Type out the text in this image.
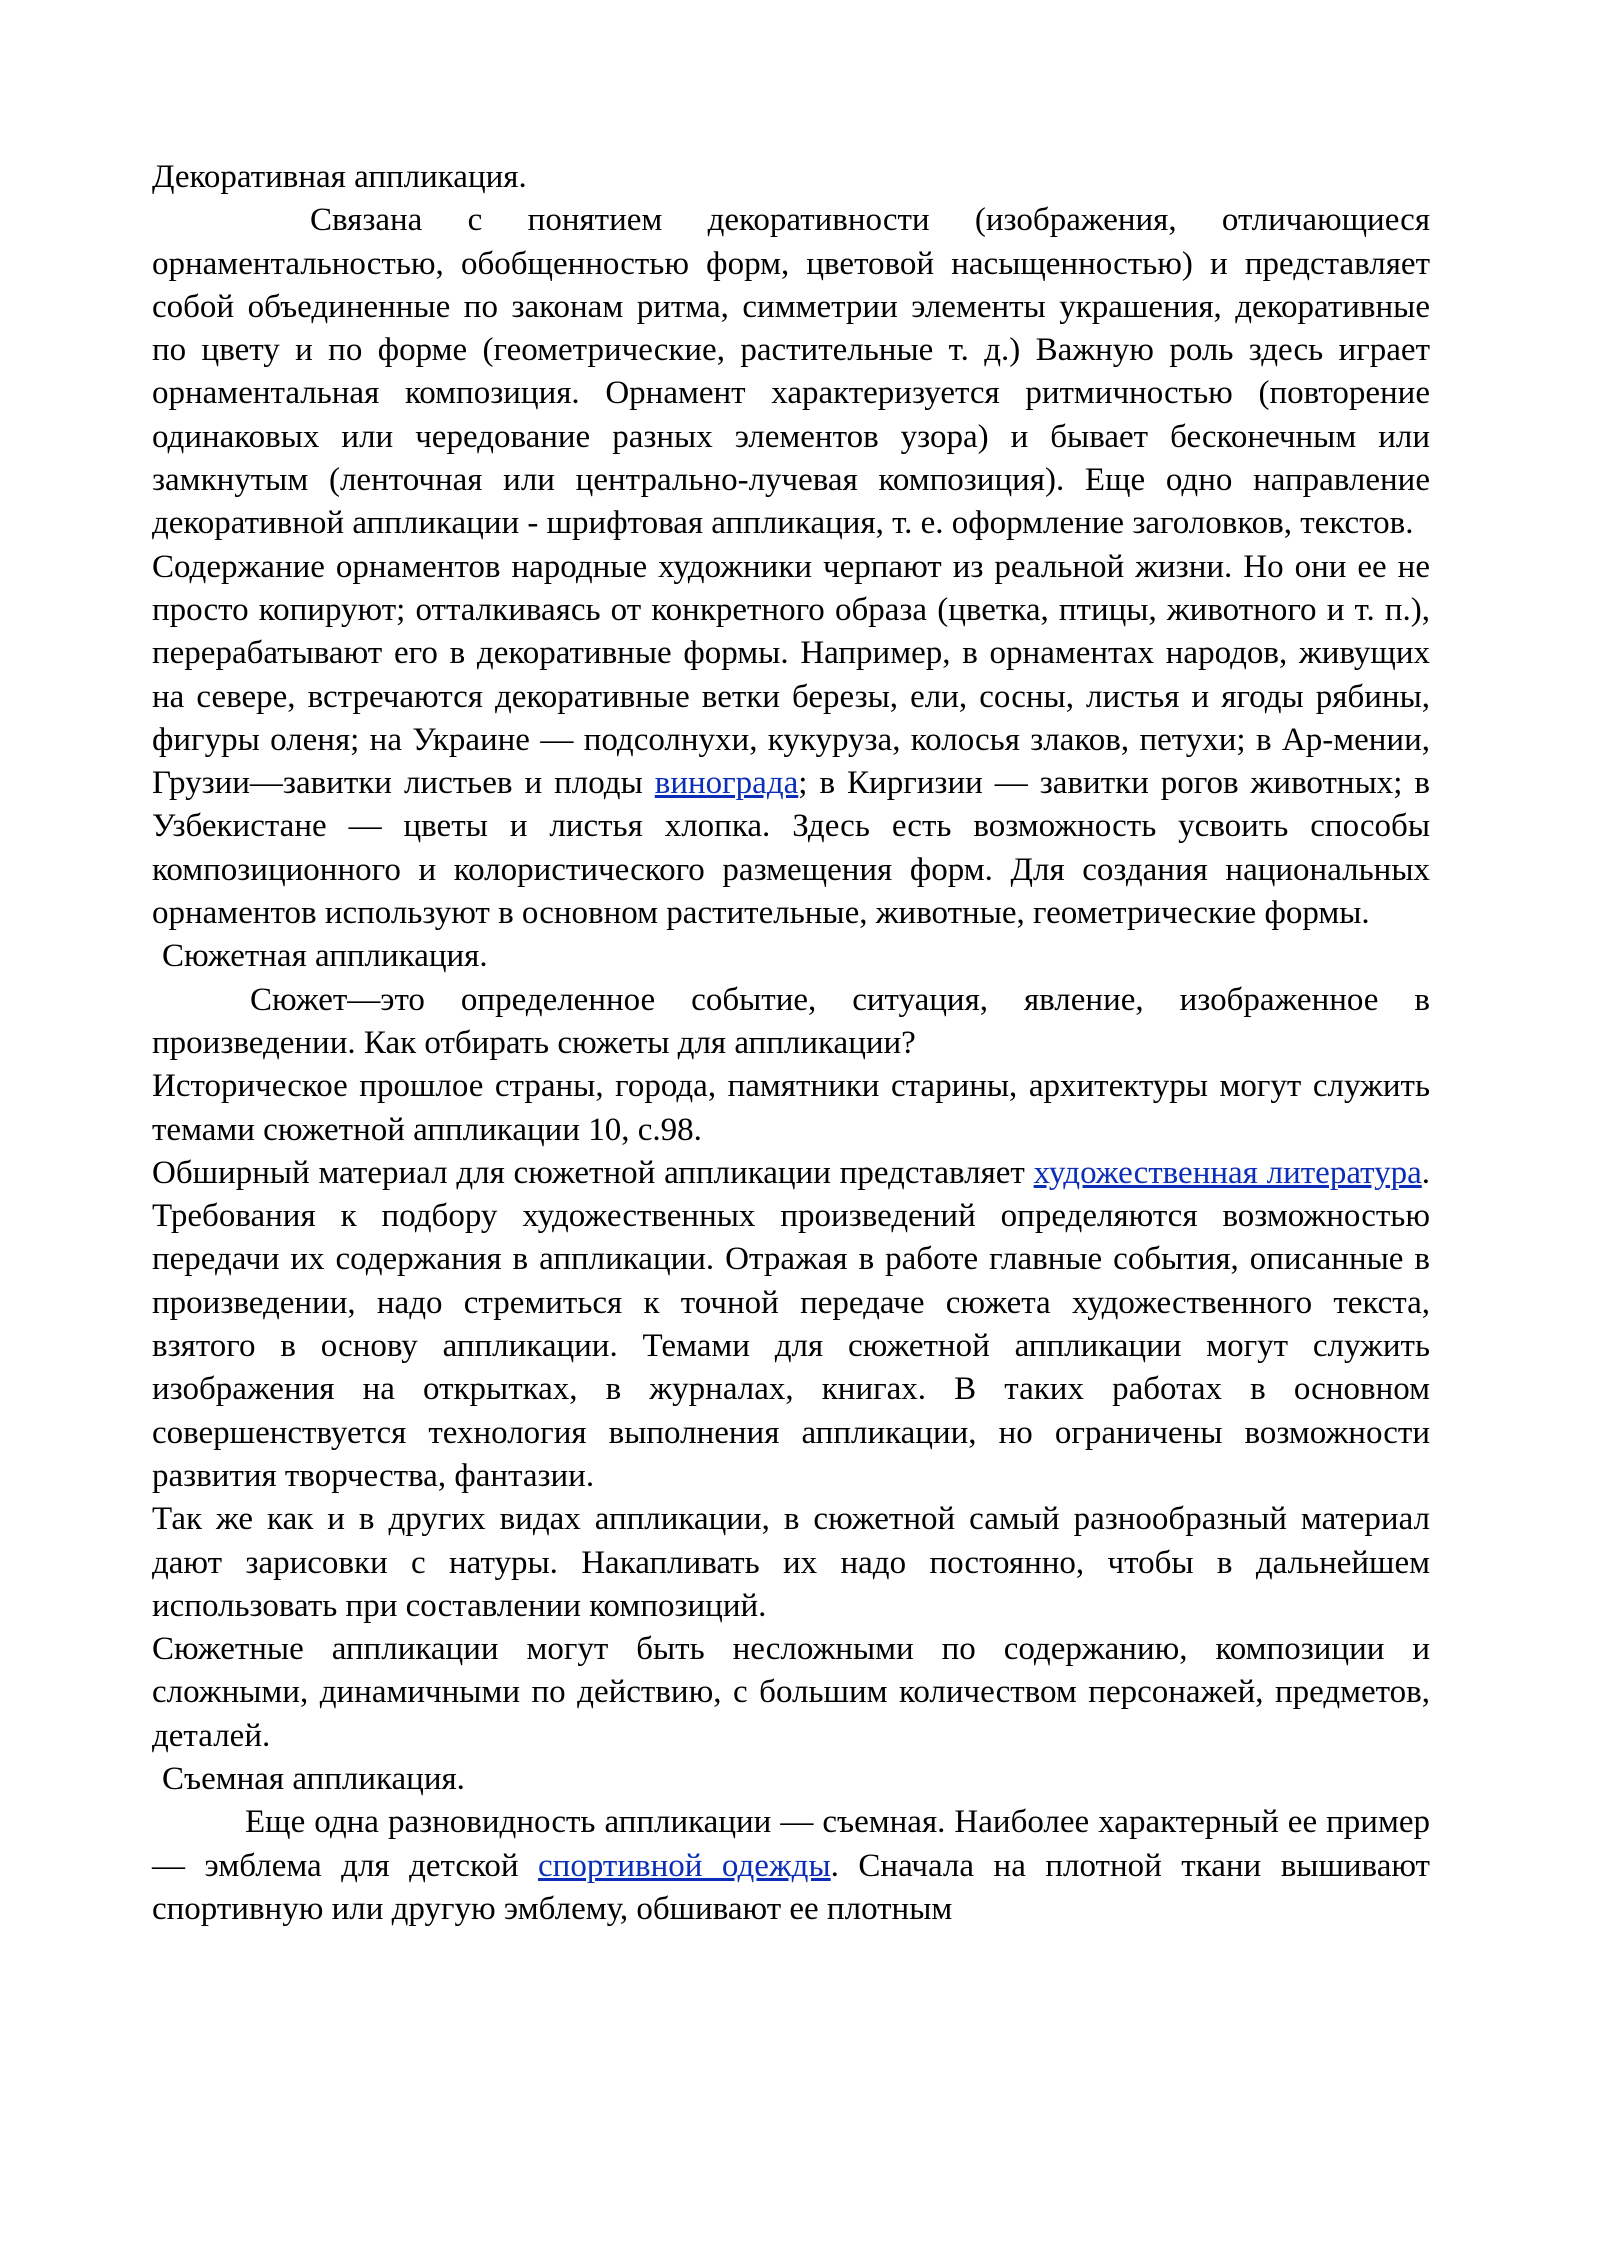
Декоративная аппликация.

Связана с понятием декоративности (изображения, отличающиеся орнаментальностью, обобщенностью форм, цветовой насыщенностью) и представляет собой объединенные по законам ритма, симметрии элементы украшения, декоративные по цвету и по форме (геометрические, растительные т. д.) Важную роль здесь играет орнаментальная композиция. Орнамент характеризуется ритмичностью (повторение одинаковых или чередование разных элементов узора) и бывает бесконечным или замкнутым (ленточная или центрально-лучевая композиция). Еще одно направление декоративной аппликации - шрифтовая аппликация, т. е. оформление заголовков, текстов.

Содержание орнаментов народные художники черпают из реальной жизни. Но они ее не просто копируют; отталкиваясь от конкретного образа (цветка, птицы, животного и т. п.), перерабатывают его в декоративные формы. Например, в орнаментах народов, живущих на севере, встречаются декоративные ветки березы, ели, сосны, листья и ягоды рябины, фигуры оленя; на Украине — подсолнухи, кукуруза, колосья злаков, петухи; в Ар-мении, Грузии—завитки листьев и плоды винограда; в Киргизии — завитки рогов животных; в Узбекистане — цветы и листья хлопка. Здесь есть возможность усвоить способы композиционного и колористического размещения форм. Для создания национальных орнаментов используют в основном растительные, животные, геометрические формы.

Сюжетная аппликация.

Сюжет—это определенное событие, ситуация, явление, изображенное в произведении. Как отбирать сюжеты для аппликации?

Историческое прошлое страны, города, памятники старины, архитектуры могут служить темами сюжетной аппликации 10, с.98.

Обширный материал для сюжетной аппликации представляет художественная литература. Требования к подбору художественных произведений определяются возможностью передачи их содержания в аппликации. Отражая в работе главные события, описанные в произведении, надо стремиться к точной передаче сюжета художественного текста, взятого в основу аппликации. Темами для сюжетной аппликации могут служить изображения на открытках, в журналах, книгах. В таких работах в основном совершенствуется технология выполнения аппликации, но ограничены возможности развития творчества, фантазии.

Так же как и в других видах аппликации, в сюжетной самый разнообразный материал дают зарисовки с натуры. Накапливать их надо постоянно, чтобы в дальнейшем использовать при составлении композиций.

Сюжетные аппликации могут быть несложными по содержанию, композиции и сложными, динамичными по действию, с большим количеством персонажей, предметов, деталей.

Съемная аппликация.

Еще одна разновидность аппликации — съемная. Наиболее характерный ее пример — эмблема для детской спортивной одежды. Сначала на плотной ткани вышивают спортивную или другую эмблему, обшивают ее плотным
